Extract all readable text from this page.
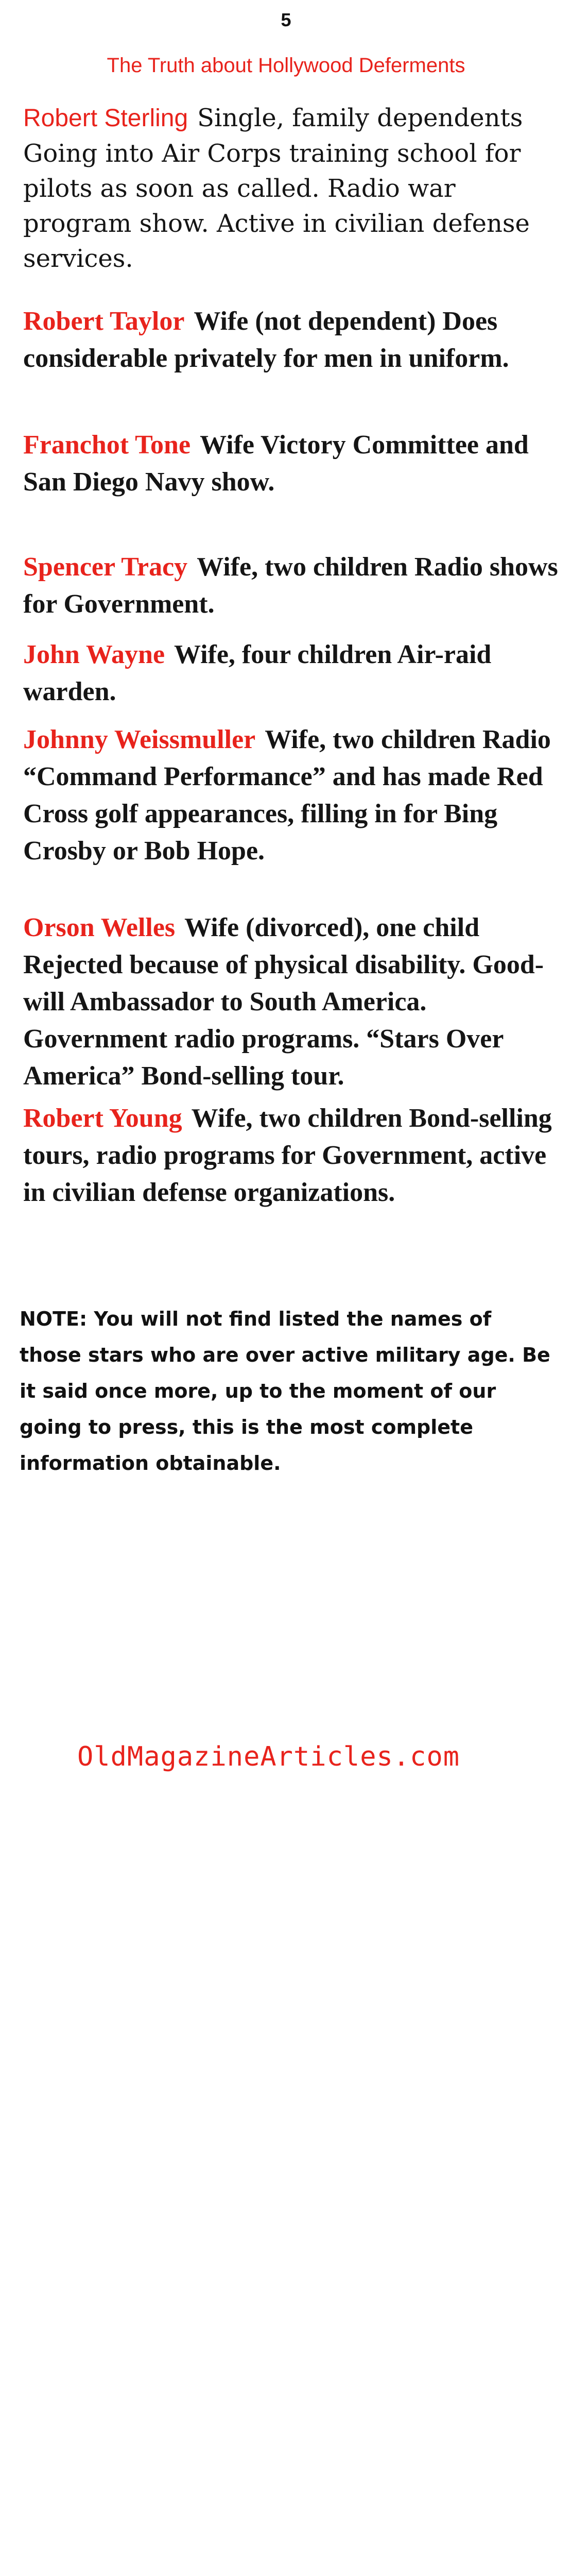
5
The Truth about Hollywood Deferments
Robert Sterling Single, family dependents Going into Air Corps training school for pilots as soon as called. Radio war program show. Active in civilian defense services.
Robert Taylor Wife (not dependent) Does considerable privately for men in uniform.
Franchot Tone Wife Victory Committee and San Diego Navy show.
Spencer Tracy Wife, two children Radio shows for Government.
John Wayne Wife, four children Air-raid warden.
Johnny Weissmuller Wife, two children Radio “Command Performance” and has made Red Cross golf appearances, filling in for Bing Crosby or Bob Hope.
Orson Welles Wife (divorced), one child Rejected because of physical disability. Good-will Ambassador to South America. Government radio programs. “Stars Over America” Bond-selling tour.
Robert Young Wife, two children Bond-selling tours, radio programs for Government, active in civilian defense organizations.
NOTE: You will not find listed the names of those stars who are over active military age. Be it said once more, up to the moment of our going to press, this is the most complete information obtainable.
OldMagazineArticles.com
